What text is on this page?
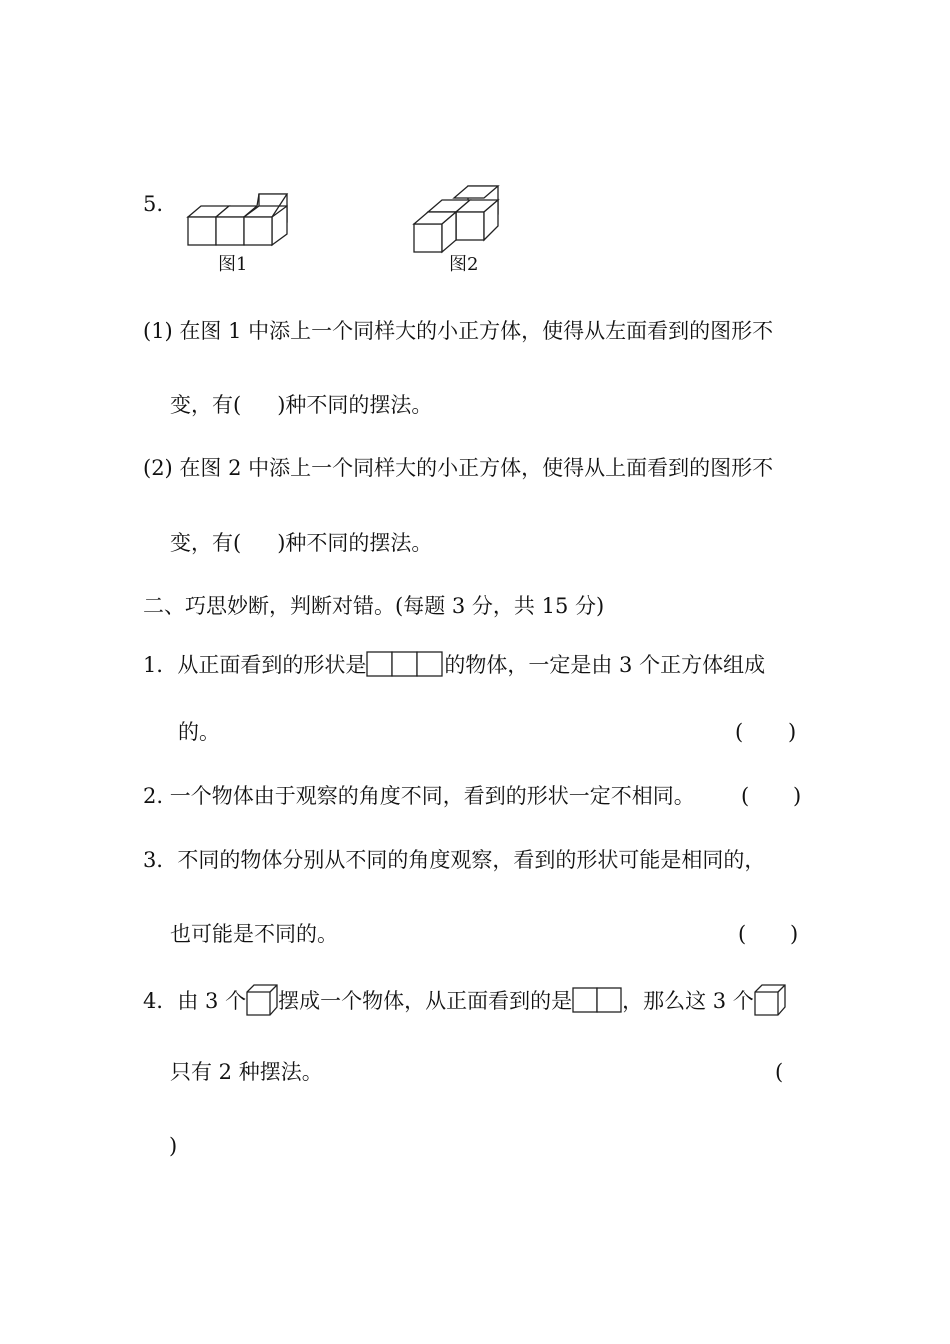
5.
图1	图2
(1) 在图 1 中添上一个同样大的小正方体，使得从左面看到的图形不
变，有( )种不同的摆法。
(2) 在图 2 中添上一个同样大的小正方体，使得从上面看到的图形不
变，有( )种不同的摆法。
二、巧思妙断，判断对错。(每题 3 分，共 15 分)
1．从正面看到的形状是	的物体，一定是由 3 个正方体组成
的。	( )
2. 一个物体由于观察的角度不同，看到的形状一定不相同。 ( )
3．不同的物体分别从不同的角度观察，看到的形状可能是相同的，
也可能是不同的。	( )
4．由 3 个 摆成一个物体，从正面看到的是 ，那么这 3 个
只有 2 种摆法。	(
)
